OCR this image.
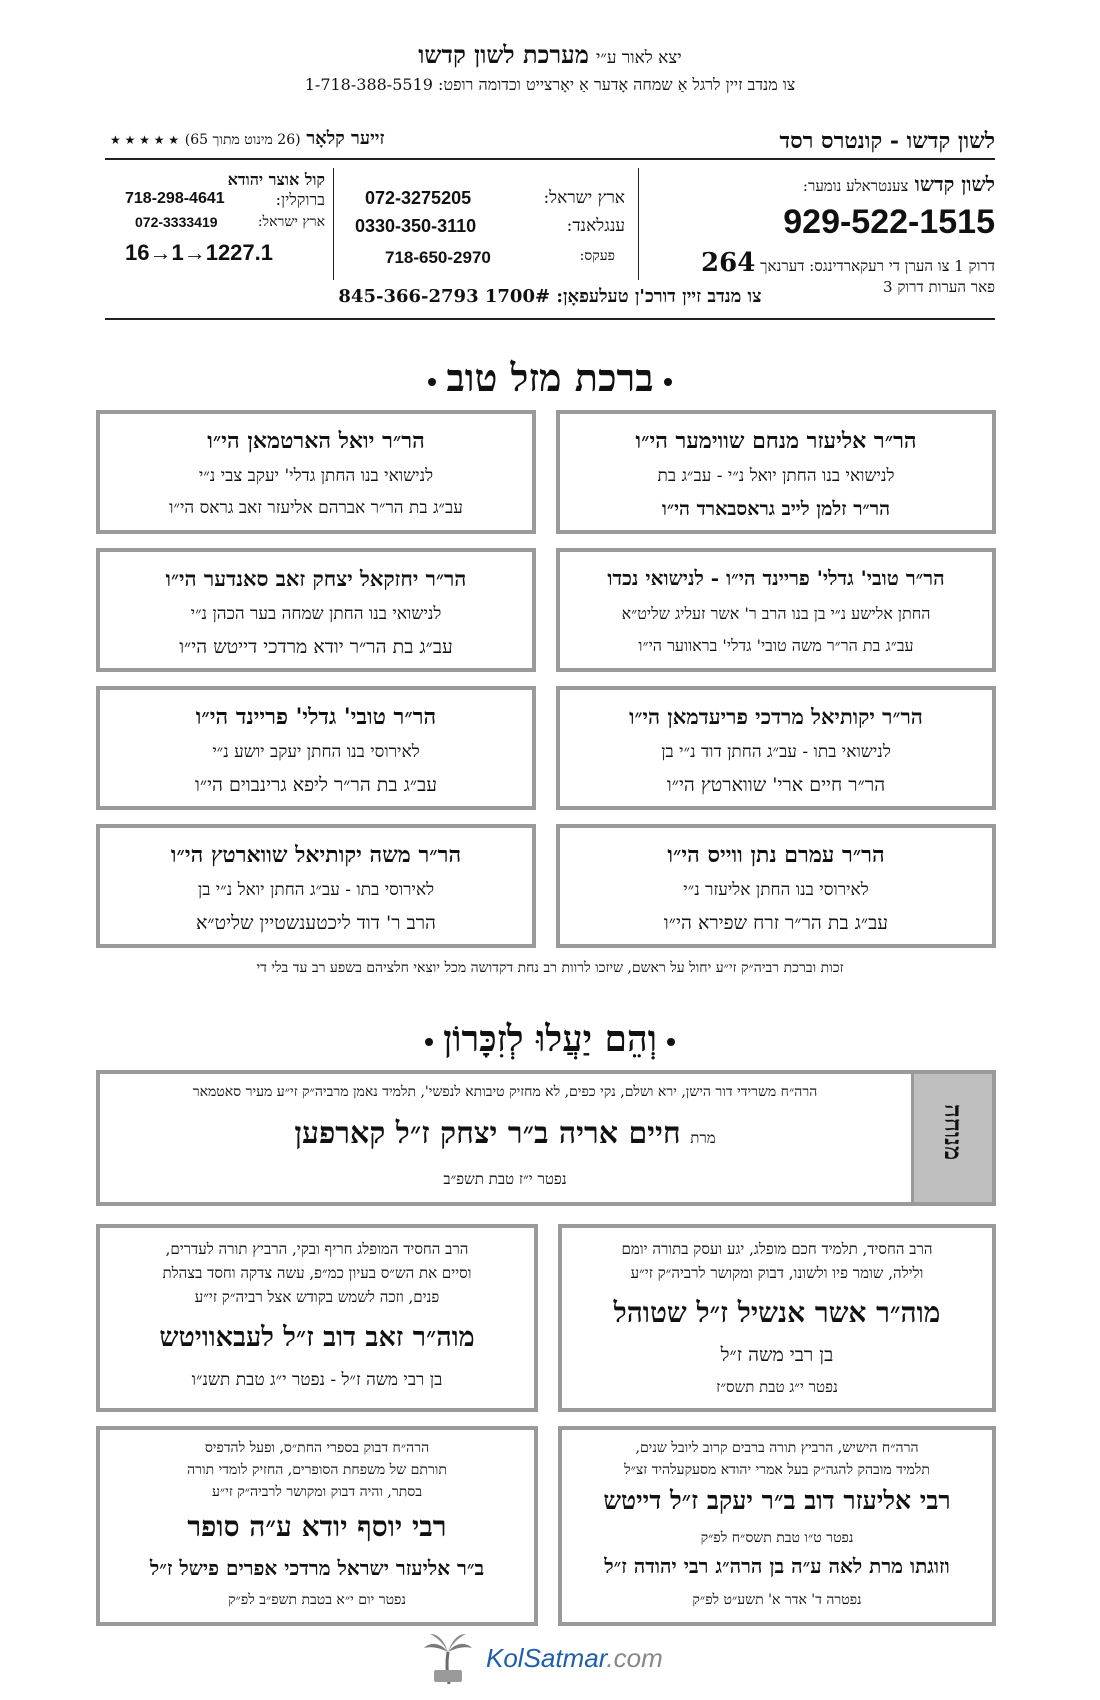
יצא לאור ע״י מערכת לשון קדשו
צו מנדב זיין לרגל אַ שמחה אָדער אַ יאָרצייט וכדומה רופט: 1-718-388-5519
לשון קדשו - קונטרס רסד
זייער קלאָר (26 מינוט מתוך 65) ★ ★ ★ ★ ★
לשון קדשו צענטראלע נומער:
929-522-1515
דרוק 1 צו הערן די רעקארדינגס: דערנאך 264
פאר הערות דרוק 3
ארץ ישראל:
072-3275205
ענגלאנד:
0330-350-3110
פעקס:
718-650-2970
קול אוצר יהודא
ברוקלין:
718-298-4641
ארץ ישראל:
072-3333419
16→1→1227.1
צו מנדב זיין דורכ'ן טעלעפאָן: 1700# 845-366-2793
ברכת מזל טוב
הר״ר אליעזר מנחם שווימער הי״ו
לנישואי בנו החתן יואל נ״י - עב״ג בת
הר״ר זלמן לייב גראסבארד הי״ו
הר״ר יואל הארטמאן הי״ו
לנישואי בנו החתן גדלי' יעקב צבי נ״י
עב״ג בת הר״ר אברהם אליעזר זאב גראס הי״ו
הר״ר טובי' גדלי' פריינד הי״ו - לנישואי נכדו
החתן אלישע נ״י בן בנו הרב ר' אשר זעליג שליט״א
עב״ג בת הר״ר משה טובי' גדלי' בראווער הי״ו
הר״ר יחזקאל יצחק זאב סאנדער הי״ו
לנישואי בנו החתן שמחה בער הכהן נ״י
עב״ג בת הר״ר יודא מרדכי דייטש הי״ו
הר״ר יקותיאל מרדכי פריעדמאן הי״ו
לנישואי בתו - עב״ג החתן דוד נ״י בן
הר״ר חיים ארי' שווארטץ הי״ו
הר״ר טובי' גדלי' פריינד הי״ו
לאירוסי בנו החתן יעקב יושע נ״י
עב״ג בת הר״ר ליפא גרינבוים הי״ו
הר״ר עמרם נתן ווייס הי״ו
לאירוסי בנו החתן אליעזר נ״י
עב״ג בת הר״ר זרח שפירא הי״ו
הר״ר משה יקותיאל שווארטץ הי״ו
לאירוסי בתו - עב״ג החתן יואל נ״י בן
הרב ר' דוד ליכטענשטיין שליט״א
זכות וברכת רביה״ק זי״ע יחול על ראשם, שיזכו לרוות רב נחת דקדושה מכל יוצאי חלציהם בשפע רב עד בלי די
וְהֵם יַעֲלוּ לְזִכָּרוֹן
מנוחה
הרה״ח משרידי דור הישן, ירא ושלם, נקי כפים, לא מחזיק טיבותא לנפשי', תלמיד נאמן מרביה״ק זי״ע מעיר סאטמאר
מרת חיים אריה ב״ר יצחק ז״ל קארפען
נפטר י״ז טבת תשפ״ב
הרב החסיד, תלמיד חכם מופלג, יגע ועסק בתורה יומם
ולילה, שומר פיו ולשונו, דבוק ומקושר לרביה״ק זי״ע
מוה״ר אשר אנשיל ז״ל שטוהל
בן רבי משה ז״ל
נפטר י״ג טבת תשס״ז
הרב החסיד המופלג חריף ובקי, הרביץ תורה לעדרים,
וסיים את הש״ס בעיון כמ״פ, עשה צדקה וחסד בצהלת
פנים, וזכה לשמש בקודש אצל רביה״ק זי״ע
מוה״ר זאב דוב ז״ל לעבאוויטש
בן רבי משה ז״ל - נפטר י״ג טבת תשנ״ו
הרה״ח הישיש, הרביץ תורה ברבים קרוב ליובל שנים,
תלמיד מובהק להגה״ק בעל אמרי יהודא מסעקעלהיד זצ״ל
רבי אליעזר דוב ב״ר יעקב ז״ל דייטש
נפטר ט״ו טבת תשס״ח לפ״ק
וזוגתו מרת לאה ע״ה בן הרה״ג רבי יהודה ז״ל
נפטרה ד' אדר א' תשע״ט לפ״ק
הרה״ח דבוק בספרי החת״ס, ופעל להדפיס
תורתם של משפחת הסופרים, החזיק לומדי תורה
בסתר, והיה דבוק ומקושר לרביה״ק זי״ע
רבי יוסף יודא ע״ה סופר
ב״ר אליעזר ישראל מרדכי אפרים פישל ז״ל
נפטר יום י״א בטבת תשפ״ב לפ״ק
KolSatmar.com
